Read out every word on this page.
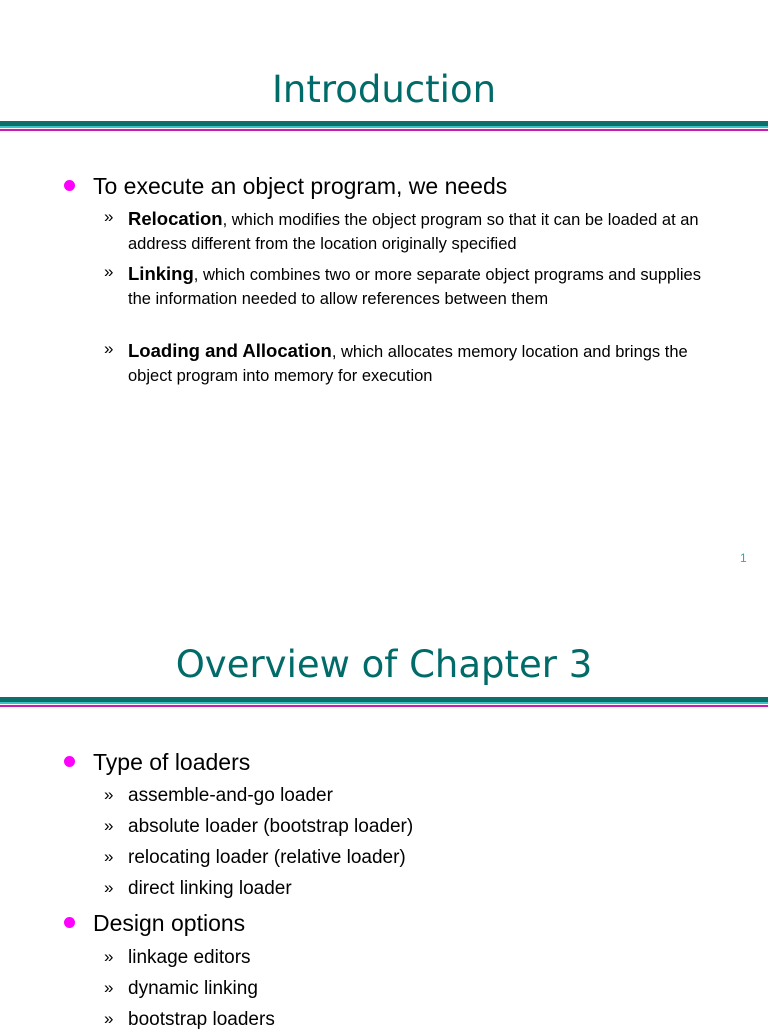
Introduction
To execute an object program, we needs
» Relocation, which modifies the object program so that it can be loaded at an address different from the location originally specified
» Linking, which combines two or more separate object programs and supplies the information needed to allow references between them
» Loading and Allocation, which allocates memory location and brings the object program into memory for execution
1
Overview of Chapter 3
Type of loaders
» assemble-and-go loader
» absolute loader (bootstrap loader)
» relocating loader (relative loader)
» direct linking loader
Design options
» linkage editors
» dynamic linking
» bootstrap loaders
